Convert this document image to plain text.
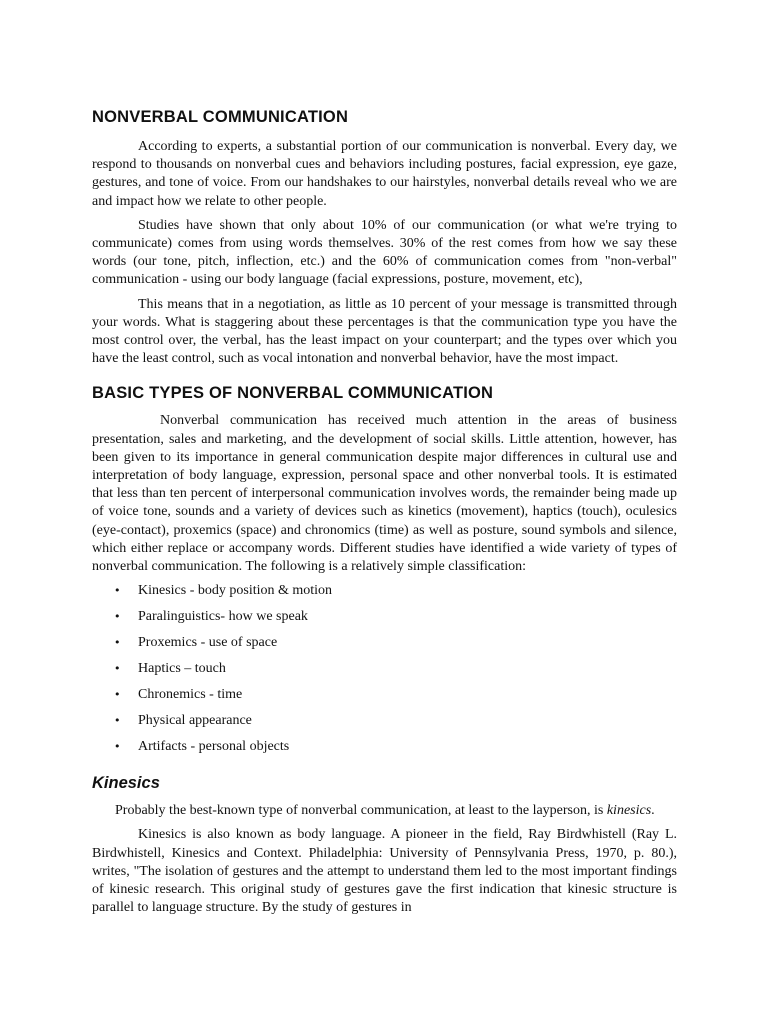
NONVERBAL COMMUNICATION

According to experts, a substantial portion of our communication is nonverbal. Every day, we respond to thousands on nonverbal cues and behaviors including postures, facial expression, eye gaze, gestures, and tone of voice. From our handshakes to our hairstyles, nonverbal details reveal who we are and impact how we relate to other people.

Studies have shown that only about 10% of our communication (or what we're trying to communicate) comes from using words themselves. 30% of the rest comes from how we say these words (our tone, pitch, inflection, etc.) and the 60% of communication comes from "non-verbal" communication - using our body language (facial expressions, posture, movement, etc),

This means that in a negotiation, as little as 10 percent of your message is transmitted through your words. What is staggering about these percentages is that the communication type you have the most control over, the verbal, has the least impact on your counterpart; and the types over which you have the least control, such as vocal intonation and nonverbal behavior, have the most impact.

BASIC TYPES OF NONVERBAL COMMUNICATION

Nonverbal communication has received much attention in the areas of business presentation, sales and marketing, and the development of social skills. Little attention, however, has been given to its importance in general communication despite major differences in cultural use and interpretation of body language, expression, personal space and other nonverbal tools. It is estimated that less than ten percent of interpersonal communication involves words, the remainder being made up of voice tone, sounds and a variety of devices such as kinetics (movement), haptics (touch), oculesics (eye-contact), proxemics (space) and chronomics (time) as well as posture, sound symbols and silence, which either replace or accompany words. Different studies have identified a wide variety of types of nonverbal communication. The following is a relatively simple classification:

•	Kinesics - body position & motion
•	Paralinguistics- how we speak
•	Proxemics - use of space
•	Haptics – touch
•	Chronemics - time
•	Physical appearance
•	Artifacts - personal objects
Kinesics

Probably the best-known type of nonverbal communication, at least to the layperson, is kinesics.

Kinesics is also known as body language. A pioneer in the field, Ray Birdwhistell (Ray L. Birdwhistell, Kinesics and Context. Philadelphia: University of Pennsylvania Press, 1970, p. 80.), writes, "The isolation of gestures and the attempt to understand them led to the most important findings of kinesic research. This original study of gestures gave the first indication that kinesic structure is parallel to language structure. By the study of gestures in
